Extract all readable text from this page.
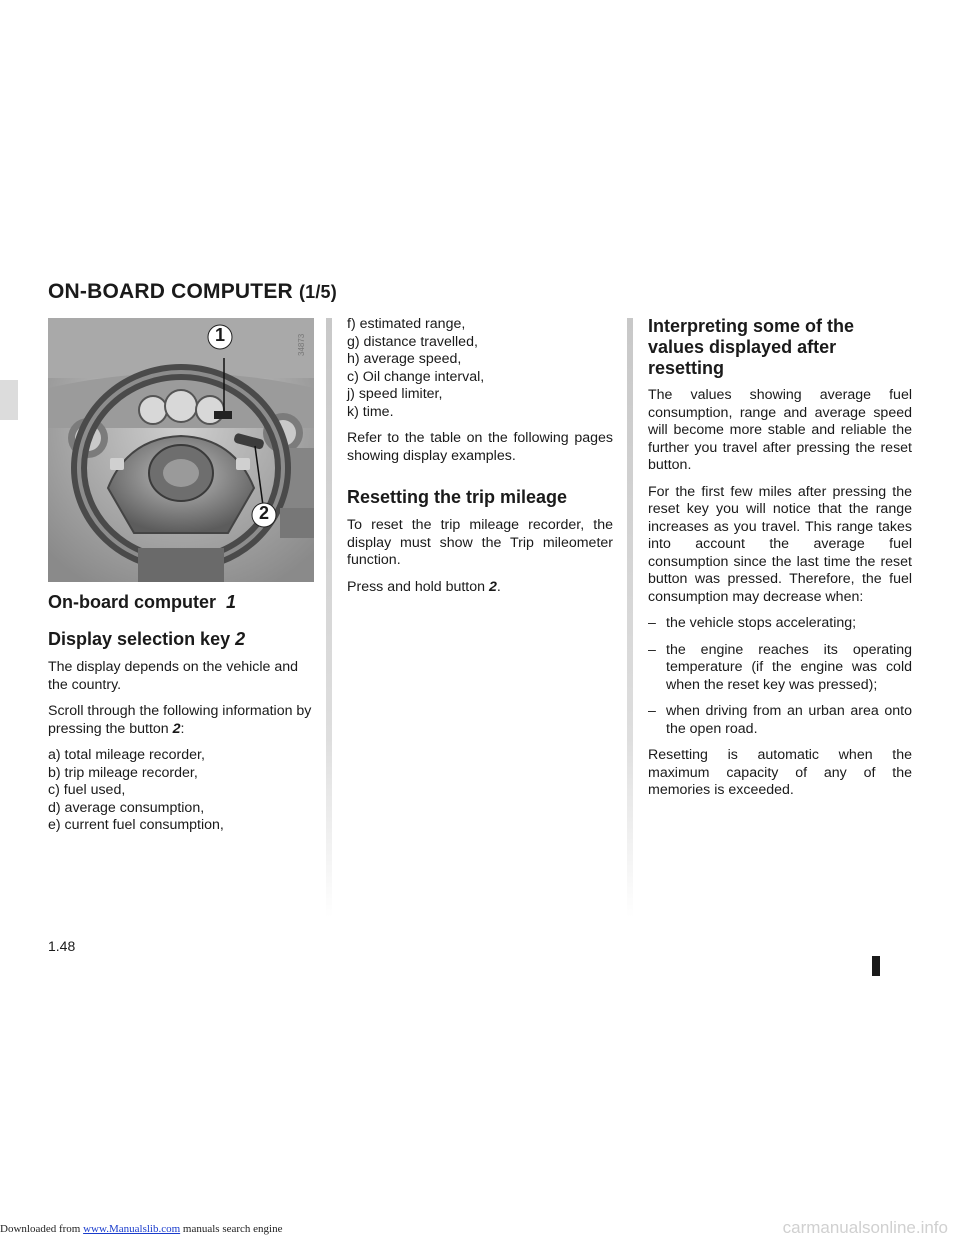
ON-BOARD COMPUTER (1/5)
1
2
On-board computer 1
Display selection key 2

The display depends on the vehicle and the country.

Scroll through the following information by pressing the button 2:

a) total mileage recorder,
b) trip mileage recorder,
c) fuel used,
d) average consumption,
e) current fuel consumption,
34873
f) estimated range,
g) distance travelled,
h) average speed,
c) Oil change interval,
j) speed limiter,
k) time.

Refer to the table on the following pages showing display examples.

Resetting the trip mileage

To reset the trip mileage recorder, the display must show the Trip mileometer function.

Press and hold button 2.

Interpreting some of the values displayed after resetting

The values showing average fuel consumption, range and average speed will become more stable and reliable the further you travel after pressing the reset button.

For the first few miles after pressing the reset key you will notice that the range increases as you travel. This range takes into account the average fuel consumption since the last time the reset button was pressed. Therefore, the fuel consumption may decrease when:

– the vehicle stops accelerating;
– the engine reaches its operating temperature (if the engine was cold when the reset key was pressed);
– when driving from an urban area onto the open road.

Resetting is automatic when the maximum capacity of any of the memories is exceeded.

1.48
Downloaded from www.Manualslib.com manuals search engine	carmanualsonline.info
